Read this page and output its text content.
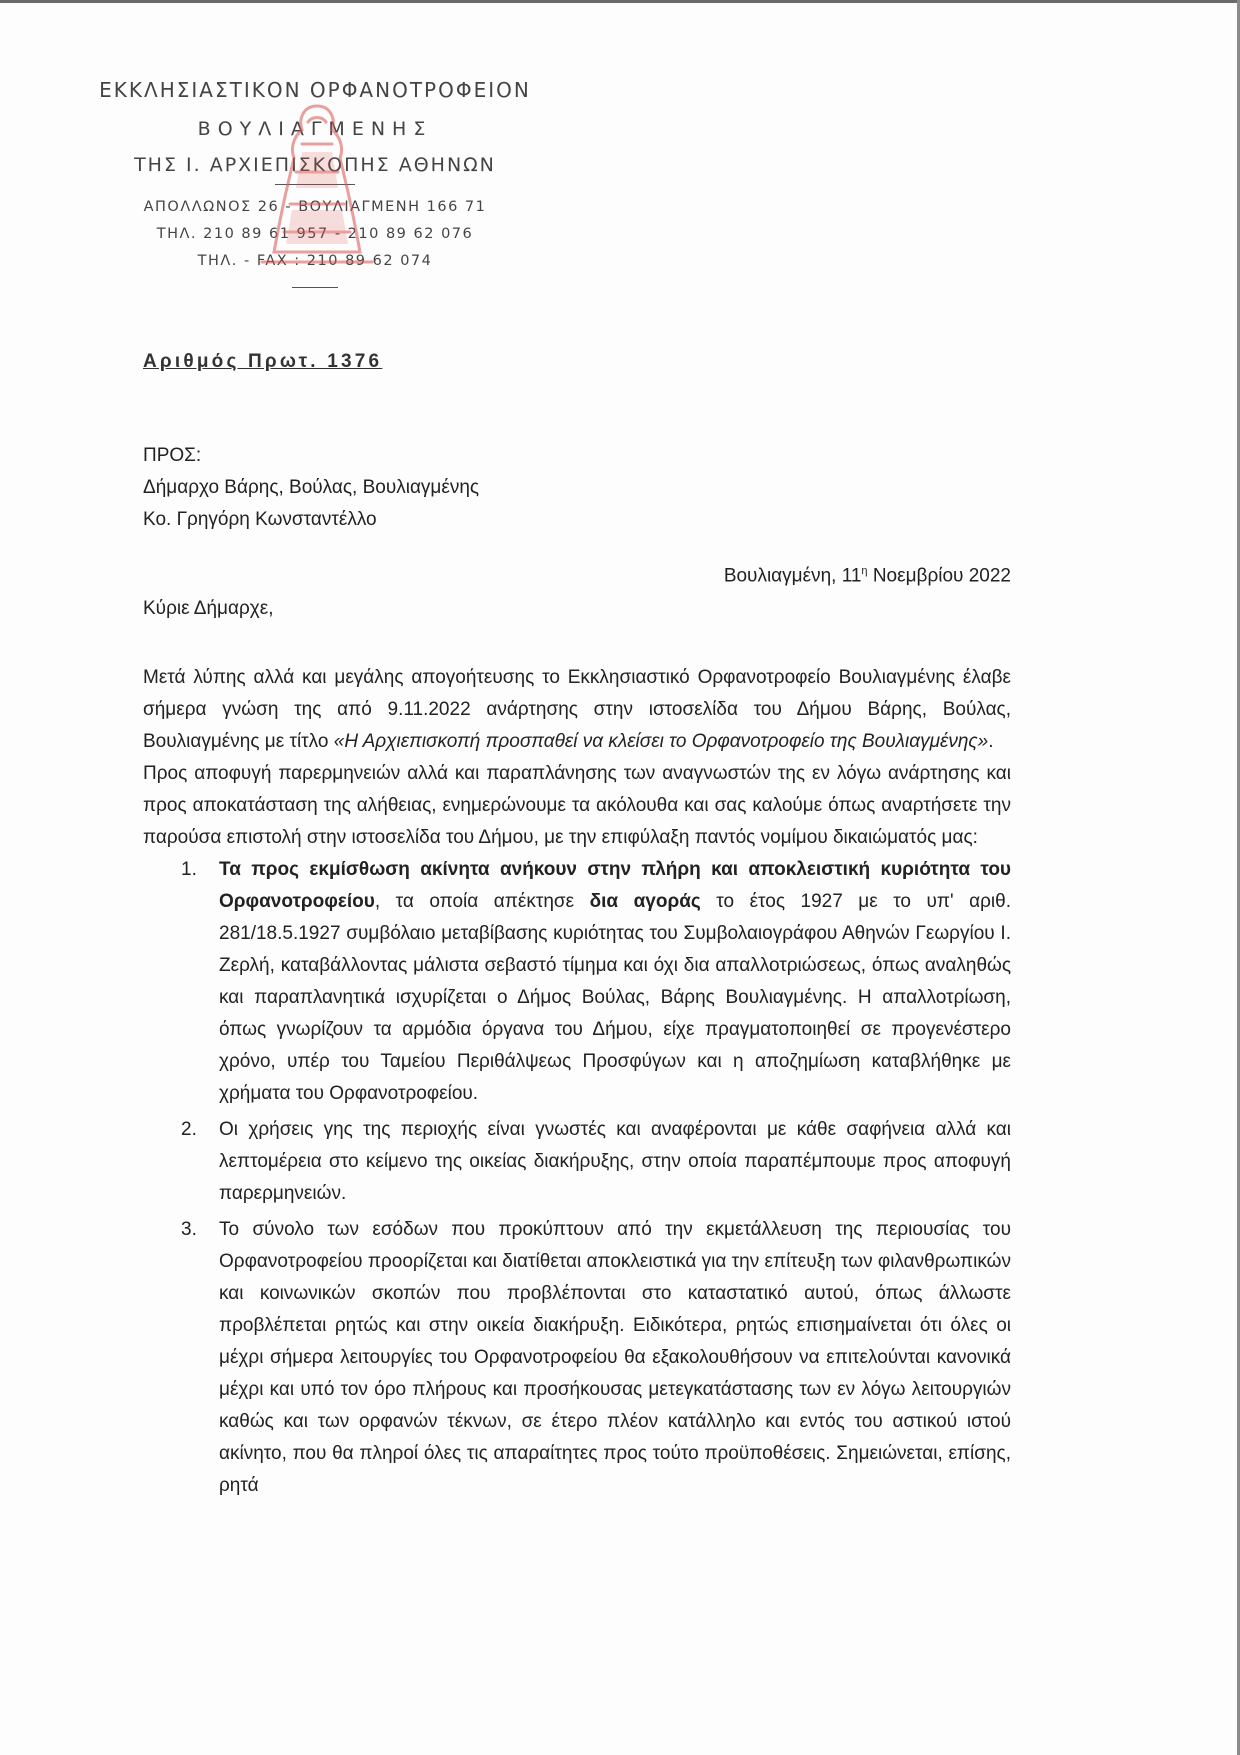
ΕΚΚΛΗΣΙΑΣΤΙΚΟΝ ΟΡΦΑΝΟΤΡΟΦΕΙΟΝ
ΒΟΥΛΙΑΓΜΕΝΗΣ
ΤΗΣ Ι. ΑΡΧΙΕΠΙΣΚΟΠΗΣ ΑΘΗΝΩΝ
ΑΠΟΛΛΩΝΟΣ 26 - ΒΟΥΛΙΑΓΜΕΝΗ 166 71
ΤΗΛ. 210 89 61 957 - 210 89 62 076
ΤΗΛ. - FAX : 210 89 62 074
Αριθμός Πρωτ. 1376
ΠΡΟΣ:
Δήμαρχο Βάρης, Βούλας, Βουλιαγμένης
Κο. Γρηγόρη Κωνσταντέλλο
Βουλιαγμένη, $11^\eta$ Νοεμβρίου 2022
Κύριε Δήμαρχε,

Μετά λύπης αλλά και μεγάλης απογοήτευσης το Εκκλησιαστικό Ορφανοτροφείο Βουλιαγμένης έλαβε σήμερα γνώση της από 9.11.2022 ανάρτησης στην ιστοσελίδα του Δήμου Βάρης, Βούλας, Βουλιαγμένης με τίτλο «Η Αρχιεπισκοπή προσπαθεί να κλείσει το Ορφανοτροφείο της Βουλιαγμένης».

Προς αποφυγή παρερμηνειών αλλά και παραπλάνησης των αναγνωστών της εν λόγω ανάρτησης και προς αποκατάσταση της αλήθειας, ενημερώνουμε τα ακόλουθα και σας καλούμε όπως αναρτήσετε την παρούσα επιστολή στην ιστοσελίδα του Δήμου, με την επιφύλαξη παντός νομίμου δικαιώματός μας:

1. Τα προς εκμίσθωση ακίνητα ανήκουν στην πλήρη και αποκλειστική κυριότητα του Ορφανοτροφείου, τα οποία απέκτησε δια αγοράς το έτος 1927 με το υπ' αριθ. 281/18.5.1927 συμβόλαιο μεταβίβασης κυριότητας του Συμβολαιογράφου Αθηνών Γεωργίου Ι. Ζερλή, καταβάλλοντας μάλιστα σεβαστό τίμημα και όχι δια απαλλοτριώσεως, όπως αναληθώς και παραπλανητικά ισχυρίζεται ο Δήμος Βούλας, Βάρης Βουλιαγμένης. Η απαλλοτρίωση, όπως γνωρίζουν τα αρμόδια όργανα του Δήμου, είχε πραγματοποιηθεί σε προγενέστερο χρόνο, υπέρ του Ταμείου Περιθάλψεως Προσφύγων και η αποζημίωση καταβλήθηκε με χρήματα του Ορφανοτροφείου.
2. Οι χρήσεις γης της περιοχής είναι γνωστές και αναφέρονται με κάθε σαφήνεια αλλά και λεπτομέρεια στο κείμενο της οικείας διακήρυξης, στην οποία παραπέμπουμε προς αποφυγή παρερμηνειών.
3. Το σύνολο των εσόδων που προκύπτουν από την εκμετάλλευση της περιουσίας του Ορφανοτροφείου προορίζεται και διατίθεται αποκλειστικά για την επίτευξη των φιλανθρωπικών και κοινωνικών σκοπών που προβλέπονται στο καταστατικό αυτού, όπως άλλωστε προβλέπεται ρητώς και στην οικεία διακήρυξη. Ειδικότερα, ρητώς επισημαίνεται ότι όλες οι μέχρι σήμερα λειτουργίες του Ορφανοτροφείου θα εξακολουθήσουν να επιτελούνται κανονικά μέχρι και υπό τον όρο πλήρους και προσήκουσας μετεγκατάστασης των εν λόγω λειτουργιών καθώς και των ορφανών τέκνων, σε έτερο πλέον κατάλληλο και εντός του αστικού ιστού ακίνητο, που θα πληροί όλες τις απαραίτητες προς τούτο προϋποθέσεις. Σημειώνεται, επίσης, ρητά
